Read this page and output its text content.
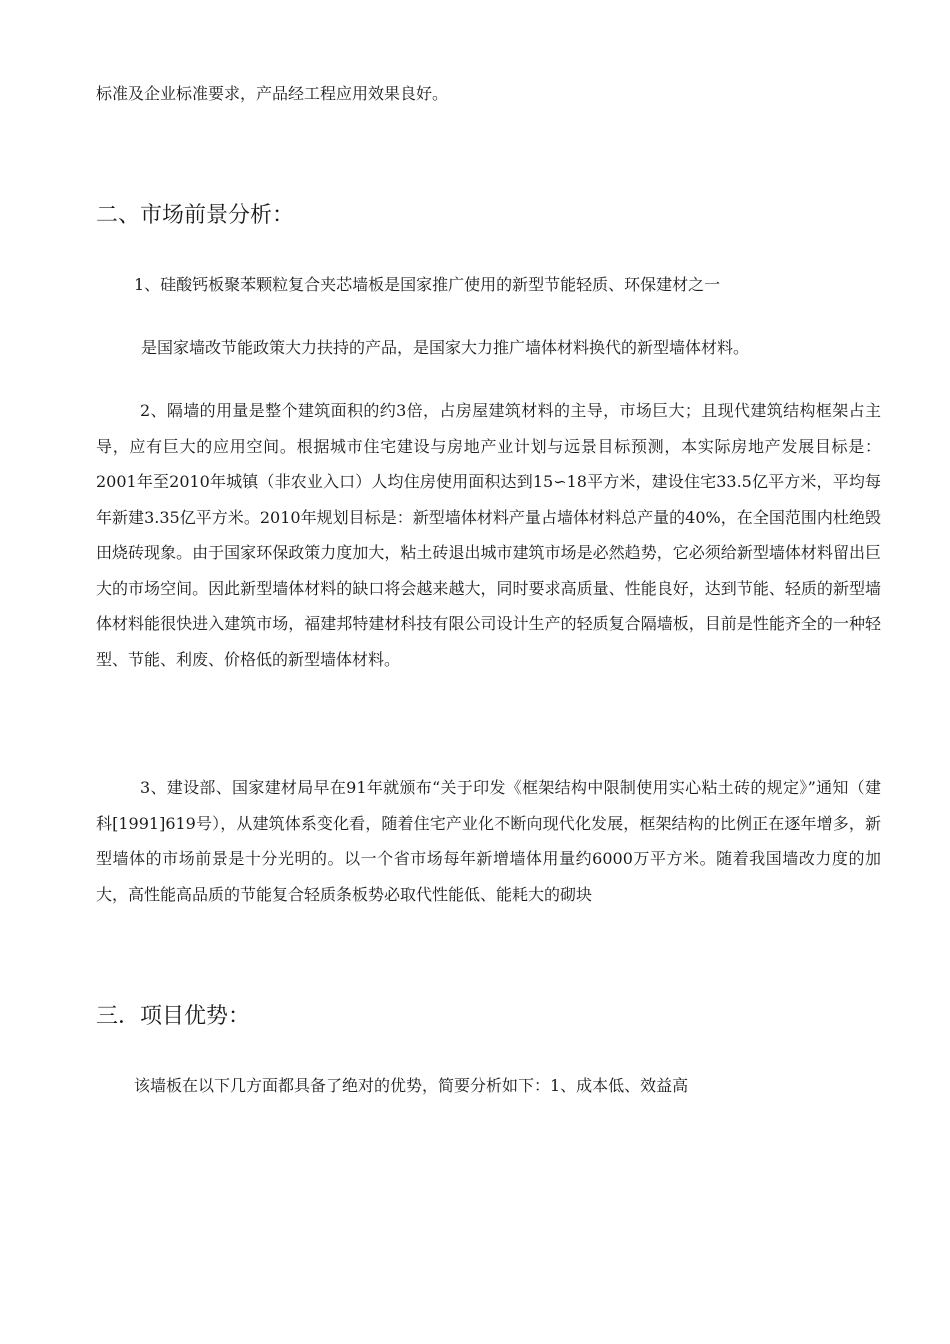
标准及企业标准要求，产品经工程应用效果良好。
二、市场前景分析：
1、硅酸钙板聚苯颗粒复合夹芯墙板是国家推广使用的新型节能轻质、环保建材之一
是国家墙改节能政策大力扶持的产品，是国家大力推广墙体材料换代的新型墙体材料。
2、隔墙的用量是整个建筑面积的约3倍，占房屋建筑材料的主导，市场巨大；且现代建筑结构框架占主导，应有巨大的应用空间。根据城市住宅建设与房地产业计划与远景目标预测，本实际房地产发展目标是：2001年至2010年城镇（非农业入口）人均住房使用面积达到15∽18平方米，建设住宅33.5亿平方米，平均每年新建3.35亿平方米。2010年规划目标是：新型墙体材料产量占墙体材料总产量的40%，在全国范围内杜绝毁田烧砖现象。由于国家环保政策力度加大，粘土砖退出城市建筑市场是必然趋势，它必须给新型墙体材料留出巨大的市场空间。因此新型墙体材料的缺口将会越来越大，同时要求高质量、性能良好，达到节能、轻质的新型墙体材料能很快进入建筑市场，福建邦特建材科技有限公司设计生产的轻质复合隔墙板，目前是性能齐全的一种轻型、节能、利废、价格低的新型墙体材料。
3、建设部、国家建材局早在91年就颁布“关于印发《框架结构中限制使用实心粘土砖的规定》”通知（建科[1991]619号），从建筑体系变化看，随着住宅产业化不断向现代化发展，框架结构的比例正在逐年增多，新型墙体的市场前景是十分光明的。以一个省市场每年新增墙体用量约6000万平方米。随着我国墙改力度的加大，高性能高品质的节能复合轻质条板势必取代性能低、能耗大的砌块
三．项目优势：
该墙板在以下几方面都具备了绝对的优势，简要分析如下：1、成本低、效益高
